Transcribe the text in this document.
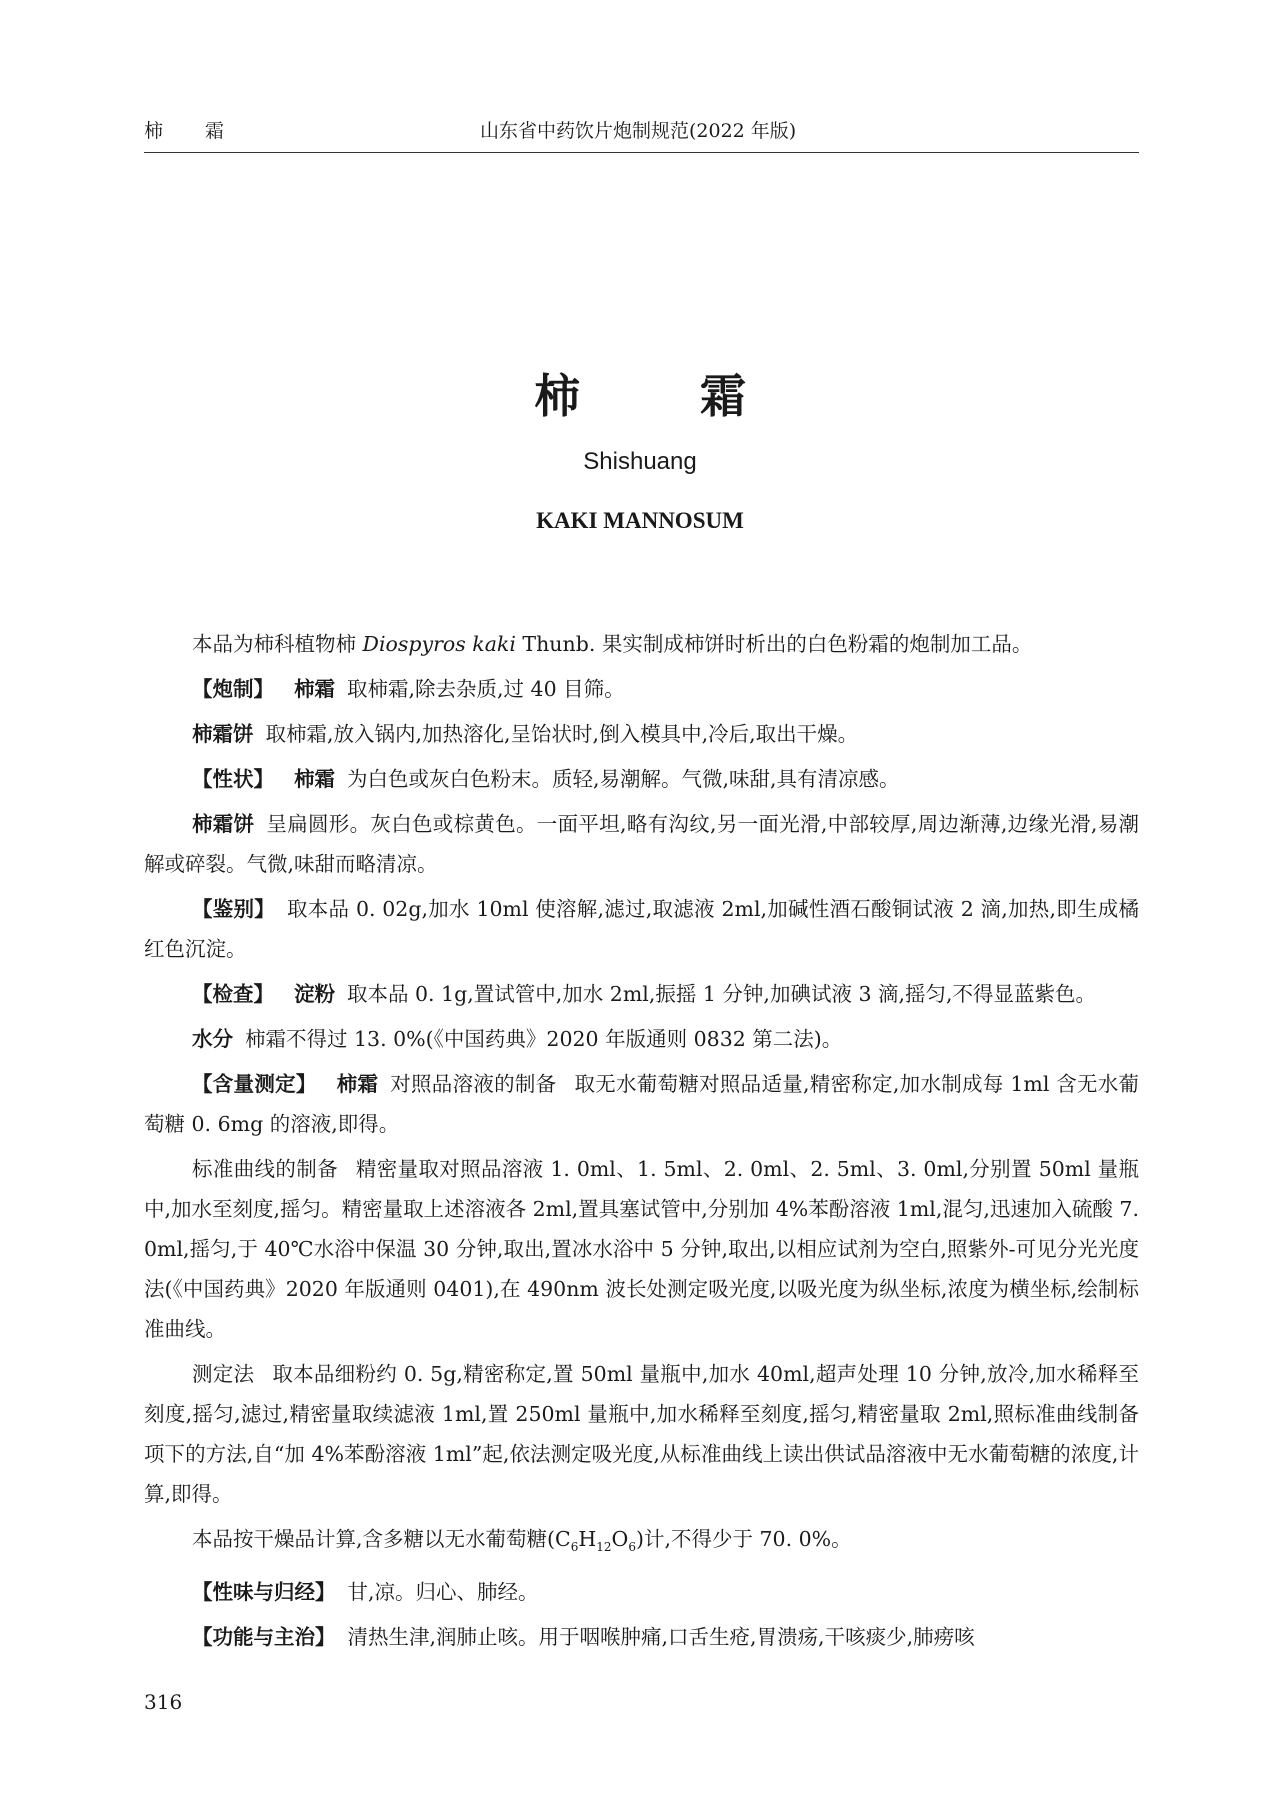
柿 霜	山东省中药饮片炮制规范(2022 年版)
柿 霜
Shishuang
KAKI MANNOSUM

本品为柿科植物柿 Diospyros kaki Thunb. 果实制成柿饼时析出的白色粉霜的炮制加工品。

【炮制】 柿霜 取柿霜,除去杂质,过 40 目筛。

柿霜饼 取柿霜,放入锅内,加热溶化,呈饴状时,倒入模具中,冷后,取出干燥。

【性状】 柿霜 为白色或灰白色粉末。质轻,易潮解。气微,味甜,具有清凉感。

柿霜饼 呈扁圆形。灰白色或棕黄色。一面平坦,略有沟纹,另一面光滑,中部较厚,周边渐薄,边缘光滑,易潮解或碎裂。气微,味甜而略清凉。

【鉴别】 取本品 0. 02g,加水 10ml 使溶解,滤过,取滤液 2ml,加碱性酒石酸铜试液 2 滴,加热,即生成橘红色沉淀。

【检查】 淀粉 取本品 0. 1g,置试管中,加水 2ml,振摇 1 分钟,加碘试液 3 滴,摇匀,不得显蓝紫色。

水分 柿霜不得过 13. 0%(《中国药典》2020 年版通则 0832 第二法)。

【含量测定】 柿霜 对照品溶液的制备 取无水葡萄糖对照品适量,精密称定,加水制成每 1ml 含无水葡萄糖 0. 6mg 的溶液,即得。

标准曲线的制备 精密量取对照品溶液 1. 0ml、1. 5ml、2. 0ml、2. 5ml、3. 0ml,分别置 50ml 量瓶中,加水至刻度,摇匀。精密量取上述溶液各 2ml,置具塞试管中,分别加 4%苯酚溶液 1ml,混匀,迅速加入硫酸 7. 0ml,摇匀,于 40℃水浴中保温 30 分钟,取出,置冰水浴中 5 分钟,取出,以相应试剂为空白,照紫外-可见分光光度法(《中国药典》2020 年版通则 0401),在 490nm 波长处测定吸光度,以吸光度为纵坐标,浓度为横坐标,绘制标准曲线。

测定法 取本品细粉约 0. 5g,精密称定,置 50ml 量瓶中,加水 40ml,超声处理 10 分钟,放冷,加水稀释至刻度,摇匀,滤过,精密量取续滤液 1ml,置 250ml 量瓶中,加水稀释至刻度,摇匀,精密量取 2ml,照标准曲线制备项下的方法,自“加 4%苯酚溶液 1ml”起,依法测定吸光度,从标准曲线上读出供试品溶液中无水葡萄糖的浓度,计算,即得。

本品按干燥品计算,含多糖以无水葡萄糖$(C_6H_{12}O_6)$计,不得少于 70. 0%。

【性味与归经】 甘,凉。归心、肺经。

【功能与主治】 清热生津,润肺止咳。用于咽喉肿痛,口舌生疮,胃溃疡,干咳痰少,肺痨咳

316
